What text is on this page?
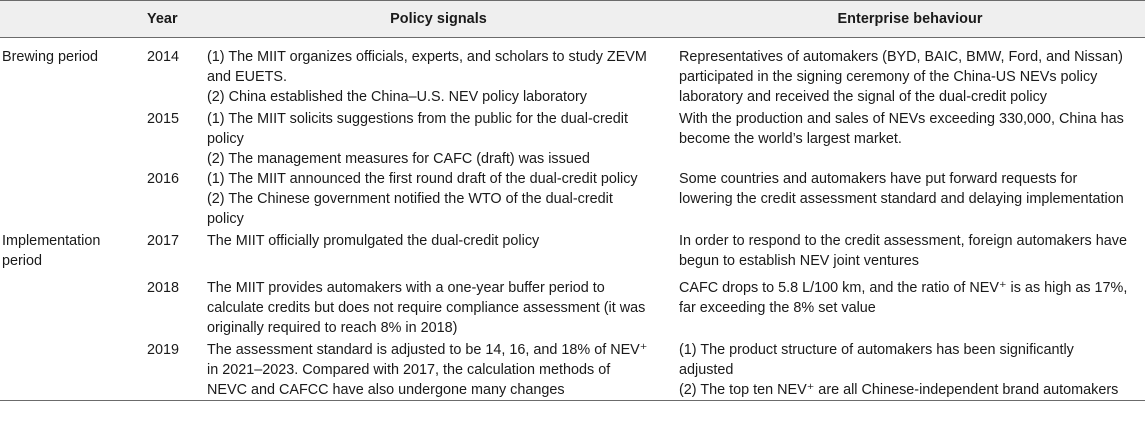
	Year	Policy signals	Enterprise behaviour

Brewing period	2014	(1) The MIIT organizes officials, experts, and scholars to study ZEVM
and EUETS.
(2) China established the China–U.S. NEV policy laboratory	Representatives of automakers (BYD, BAIC, BMW, Ford, and Nissan)
participated in the signing ceremony of the China-US NEVs policy
laboratory and received the signal of the dual-credit policy

	2015	(1) The MIIT solicits suggestions from the public for the dual-credit
policy
(2) The management measures for CAFC (draft) was issued	With the production and sales of NEVs exceeding 330,000, China has
become the world’s largest market.

	2016	(1) The MIIT announced the first round draft of the dual-credit policy
(2) The Chinese government notified the WTO of the dual-credit
policy	Some countries and automakers have put forward requests for
lowering the credit assessment standard and delaying implementation

Implementation
period	2017	The MIIT officially promulgated the dual-credit policy	In order to respond to the credit assessment, foreign automakers have
begun to establish NEV joint ventures

	2018	The MIIT provides automakers with a one-year buffer period to
calculate credits but does not require compliance assessment (it was
originally required to reach 8% in 2018)	CAFC drops to 5.8 L/100 km, and the ratio of NEV⁺ is as high as 17%,
far exceeding the 8% set value

	2019	The assessment standard is adjusted to be 14, 16, and 18% of NEV⁺
in 2021–2023. Compared with 2017, the calculation methods of
NEVC and CAFCC have also undergone many changes	(1) The product structure of automakers has been significantly
adjusted
(2) The top ten NEV⁺ are all Chinese-independent brand automakers
